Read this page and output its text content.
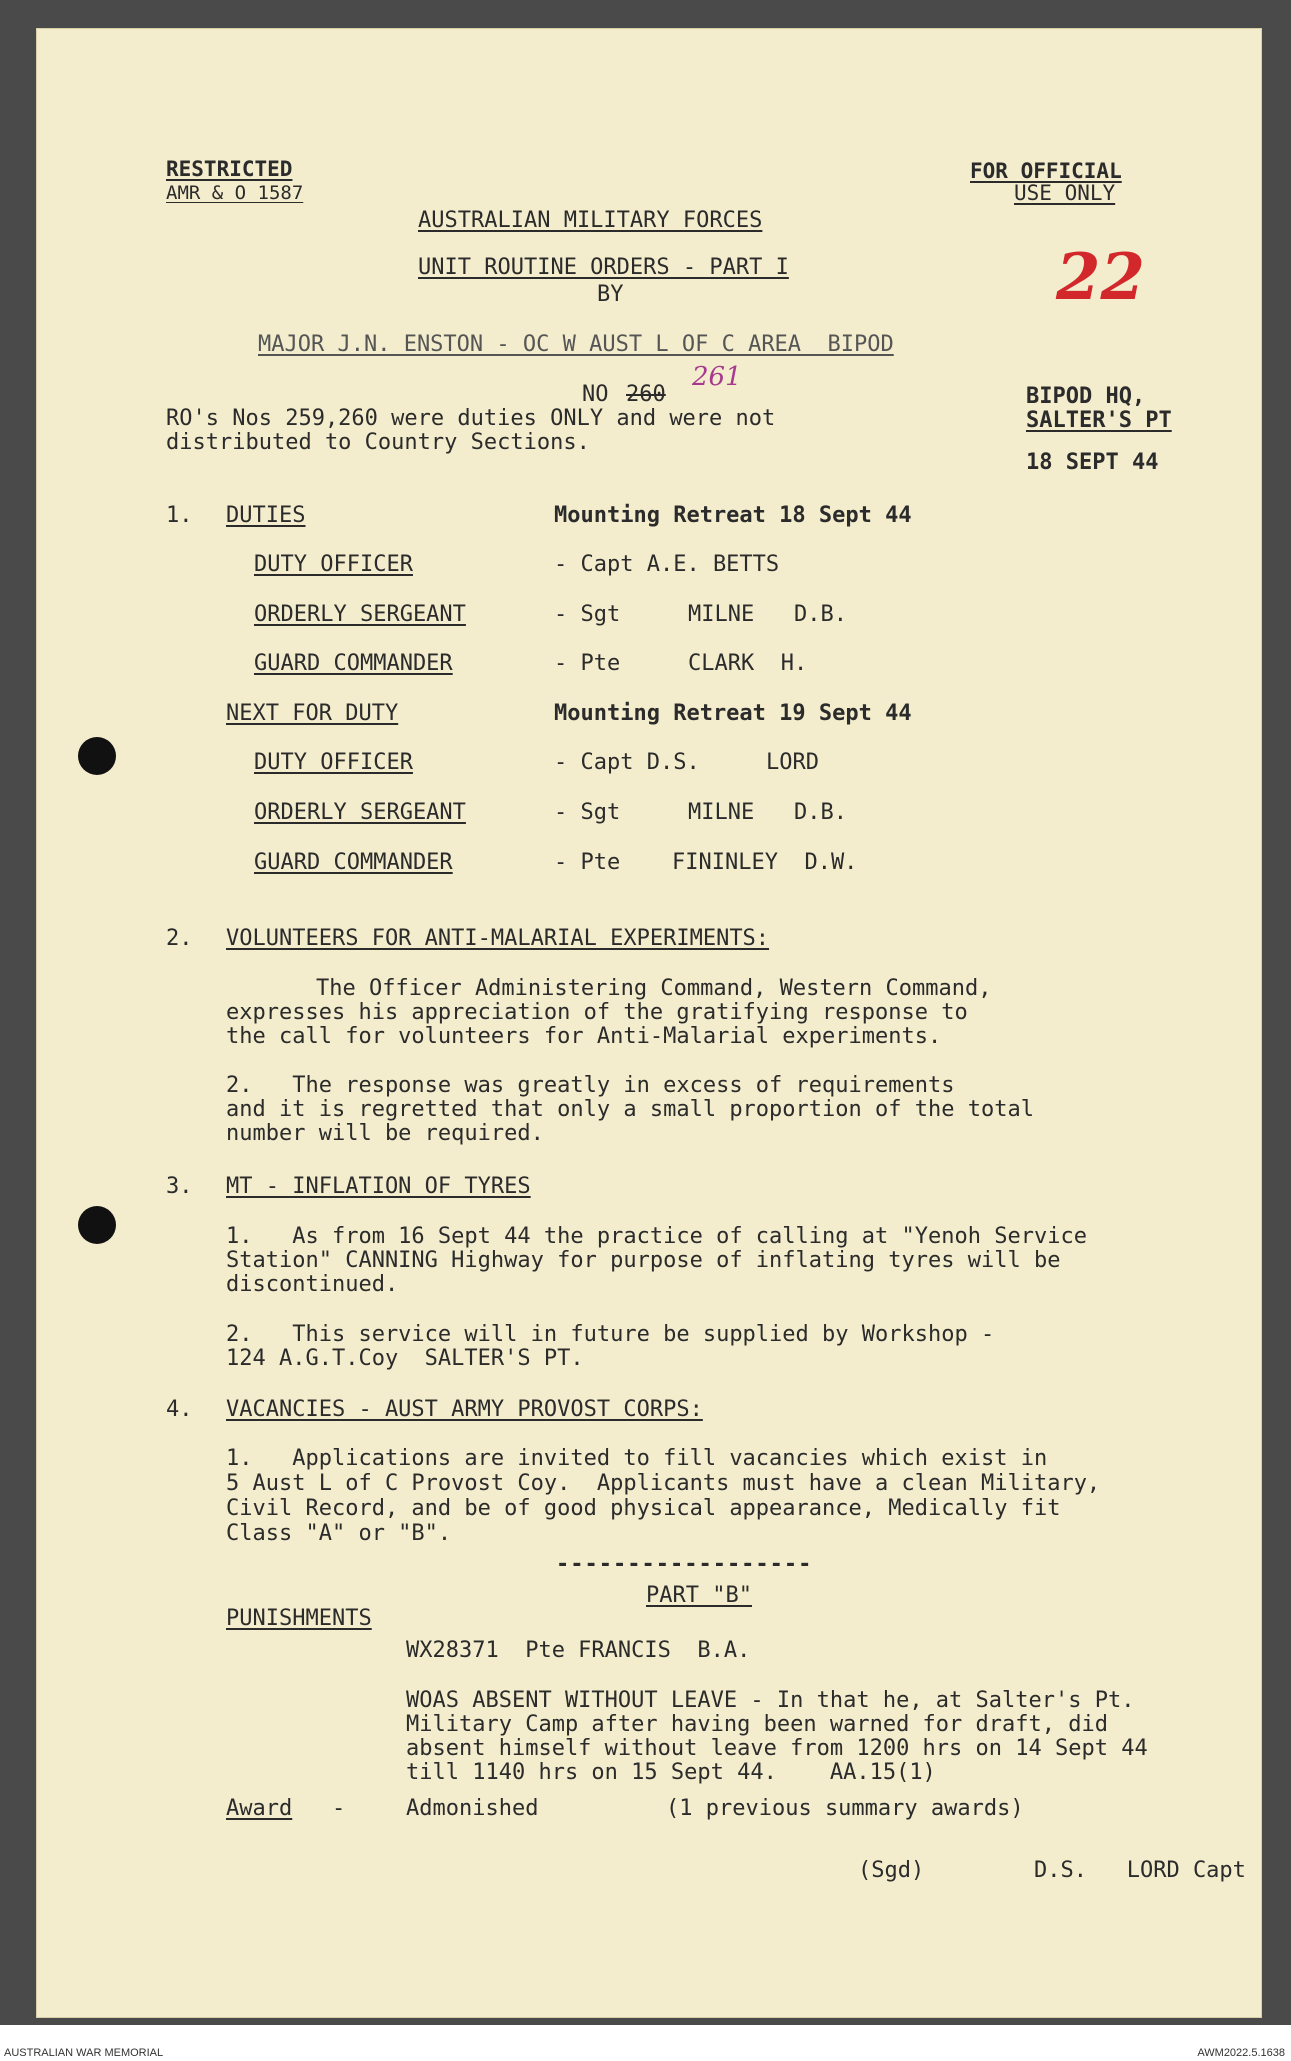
RESTRICTED
AMR & O 1587
FOR OFFICIAL
USE ONLY
AUSTRALIAN MILITARY FORCES
UNIT ROUTINE ORDERS - PART I
BY	22
MAJOR J.N. ENSTON - OC W AUST L OF C AREA  BIPOD
NO 260
261
BIPOD HQ,
SALTER'S PT
18 SEPT 44
RO's Nos 259,260 were duties ONLY and were not
distributed to Country Sections.
1. DUTIES	Mounting Retreat 18 Sept 44
DUTY OFFICER	- Capt A.E. BETTS
ORDERLY SERGEANT	- Sgt	MILNE   D.B.
GUARD COMMANDER	- Pte	CLARK  H.
NEXT FOR DUTY	Mounting Retreat 19 Sept 44
DUTY OFFICER	- Capt D.S.	LORD
ORDERLY SERGEANT	- Sgt	MILNE   D.B.
GUARD COMMANDER	- Pte FININLEY  D.W.
2. VOLUNTEERS FOR ANTI-MALARIAL EXPERIMENTS:
The Officer Administering Command, Western Command,
expresses his appreciation of the gratifying response to
the call for volunteers for Anti-Malarial experiments.
2.   The response was greatly in excess of requirements
and it is regretted that only a small proportion of the total
number will be required.
3. MT - INFLATION OF TYRES
1.   As from 16 Sept 44 the practice of calling at "Yenoh Service
Station" CANNING Highway for purpose of inflating tyres will be
discontinued.
2.   This service will in future be supplied by Workshop -
124 A.G.T.Coy  SALTER'S PT.
4. VACANCIES - AUST ARMY PROVOST CORPS:
1.   Applications are invited to fill vacancies which exist in
5 Aust L of C Provost Coy.  Applicants must have a clean Military,
Civil Record, and be of good physical appearance, Medically fit
Class "A" or "B".
------------------
PART "B"
PUNISHMENTS
WX28371  Pte FRANCIS  B.A.
WOAS ABSENT WITHOUT LEAVE - In that he, at Salter's Pt.
Military Camp after having been warned for draft, did
absent himself without leave from 1200 hrs on 14 Sept 44
till 1140 hrs on 15 Sept 44.    AA.15(1)
Award -	Admonished	(1 previous summary awards)
(Sgd)	D.S.   LORD Capt
AUSTRALIAN WAR MEMORIAL	AWM2022.5.1638
